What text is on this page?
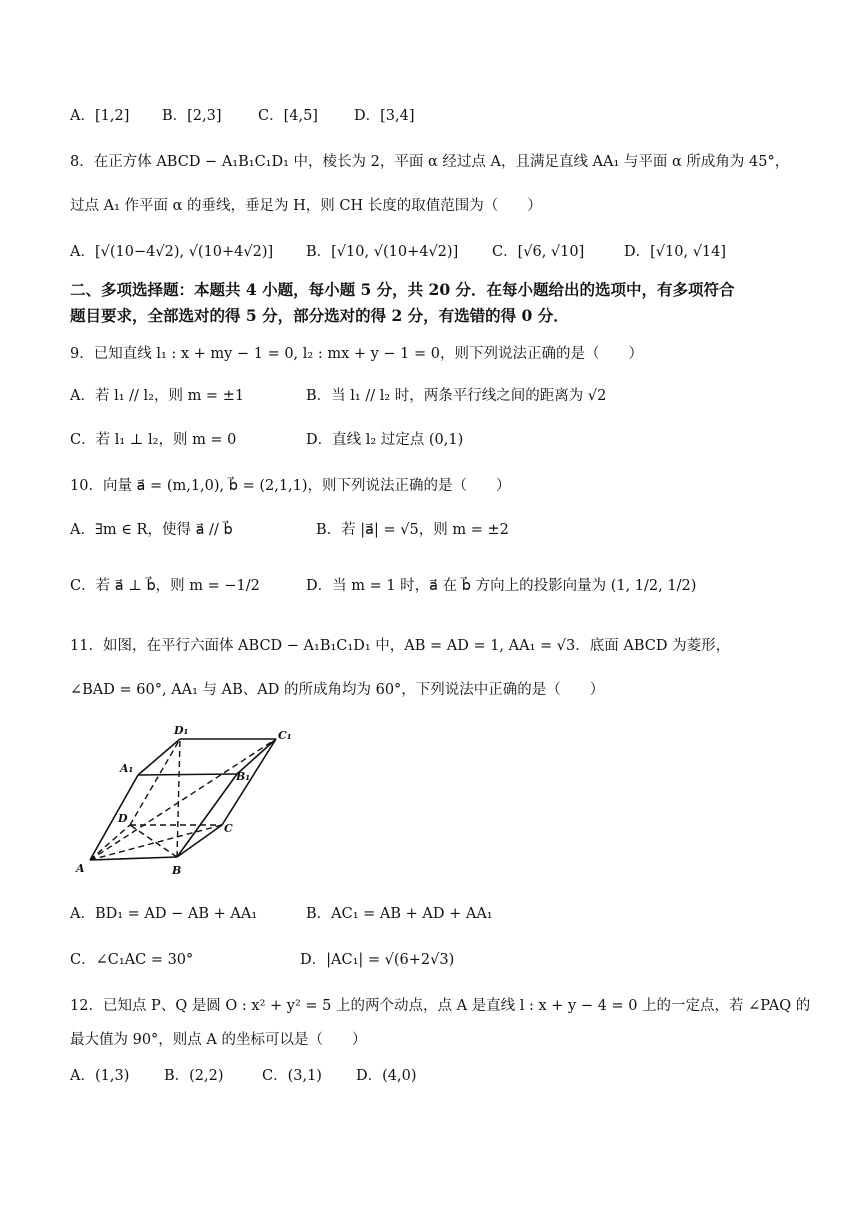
A．[1,2] B．[2,3]	C．[4,5] D．[3,4]
8．在正方体 ABCD − A₁B₁C₁D₁ 中，棱长为 2，平面 α 经过点 A，且满足直线 AA₁ 与平面 α 所成角为 45°，
过点 A₁ 作平面 α 的垂线，垂足为 H，则 CH 长度的取值范围为（　　）
A．[√(10−4√2), √(10+4√2)] B．[√10, √(10+4√2)] C．[√6, √10]	D．[√10, √14]
二、多项选择题：本题共 4 小题，每小题 5 分，共 20 分．在每小题给出的选项中，有多项符合
题目要求，全部选对的得 5 分，部分选对的得 2 分，有选错的得 0 分．
9．已知直线 l₁ : x + my − 1 = 0, l₂ : mx + y − 1 = 0，则下列说法正确的是（　　）
A．若 l₁ // l₂，则 m = ±1	B．当 l₁ // l₂ 时，两条平行线之间的距离为 √2
C．若 l₁ ⊥ l₂，则 m = 0	D．直线 l₂ 过定点 (0,1)
10．向量 a⃗ = (m,1,0), b⃗ = (2,1,1)，则下列说法正确的是（　　）
A．∃m ∈ R，使得 a⃗ // b⃗	B．若 |a⃗| = √5，则 m = ±2
C．若 a⃗ ⊥ b⃗，则 m = −1/2	D．当 m = 1 时，a⃗ 在 b⃗ 方向上的投影向量为 (1, 1/2, 1/2)
11．如图，在平行六面体 ABCD − A₁B₁C₁D₁ 中，AB = AD = 1, AA₁ = √3．底面 ABCD 为菱形，
∠BAD = 60°, AA₁ 与 AB、AD 的所成角均为 60°，下列说法中正确的是（　　）
A	B
C
D
A₁
B₁
C₁
D₁
A．BD₁ = AD − AB + AA₁	B．AC₁ = AB + AD + AA₁
C．∠C₁AC = 30°	D．|AC₁| = √(6+2√3)
12．已知点 P、Q 是圆 O : x² + y² = 5 上的两个动点，点 A 是直线 l : x + y − 4 = 0 上的一定点，若 ∠PAQ 的
最大值为 90°，则点 A 的坐标可以是（　　）
A．(1,3) B．(2,2)	C．(3,1) D．(4,0)
